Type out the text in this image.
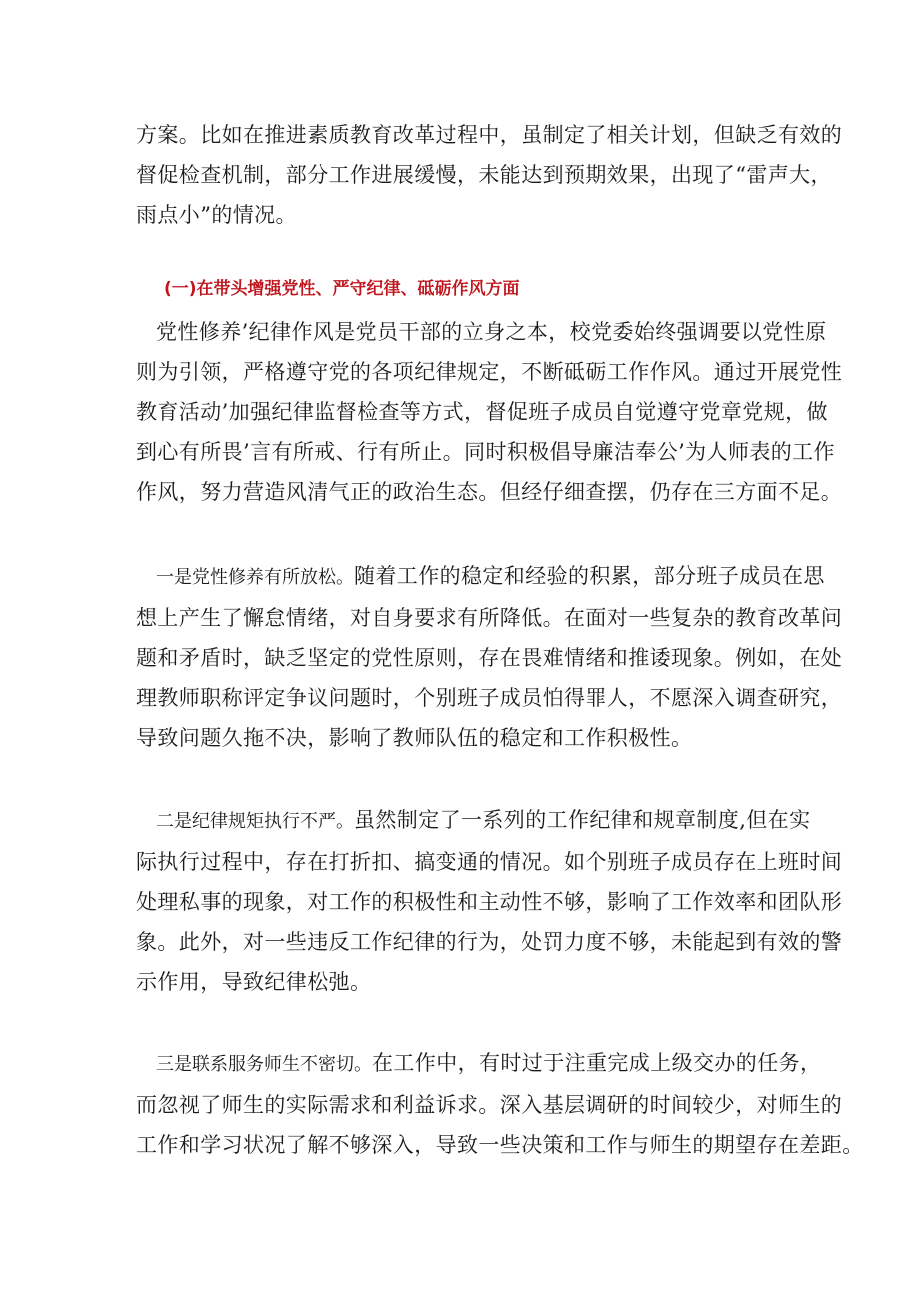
方案。比如在推进素质教育改革过程中，虽制定了相关计划，但缺乏有效的
督促检查机制，部分工作进展缓慢，未能达到预期效果，出现了“雷声大，
雨点小”的情况。

(一)在带头增强党性、严守纪律、砥砺作风方面

党性修养’纪律作风是党员干部的立身之本，校党委始终强调要以党性原
则为引领，严格遵守党的各项纪律规定，不断砥砺工作作风。通过开展党性
教育活动’加强纪律监督检查等方式，督促班子成员自觉遵守党章党规，做
到心有所畏’言有所戒、行有所止。同时积极倡导廉洁奉公’为人师表的工作
作风，努力营造风清气正的政治生态。但经仔细查摆，仍存在三方面不足。

一是党性修养有所放松。随着工作的稳定和经验的积累，部分班子成员在思
想上产生了懈怠情绪，对自身要求有所降低。在面对一些复杂的教育改革问
题和矛盾时，缺乏坚定的党性原则，存在畏难情绪和推诿现象。例如，在处
理教师职称评定争议问题时，个别班子成员怕得罪人，不愿深入调查研究，
导致问题久拖不决，影响了教师队伍的稳定和工作积极性。

二是纪律规矩执行不严。虽然制定了一系列的工作纪律和规章制度,但在实
际执行过程中，存在打折扣、搞变通的情况。如个别班子成员存在上班时间
处理私事的现象，对工作的积极性和主动性不够，影响了工作效率和团队形
象。此外，对一些违反工作纪律的行为，处罚力度不够，未能起到有效的警
示作用，导致纪律松弛。

三是联系服务师生不密切。在工作中，有时过于注重完成上级交办的任务，
而忽视了师生的实际需求和利益诉求。深入基层调研的时间较少，对师生的
工作和学习状况了解不够深入，导致一些决策和工作与师生的期望存在差距。
